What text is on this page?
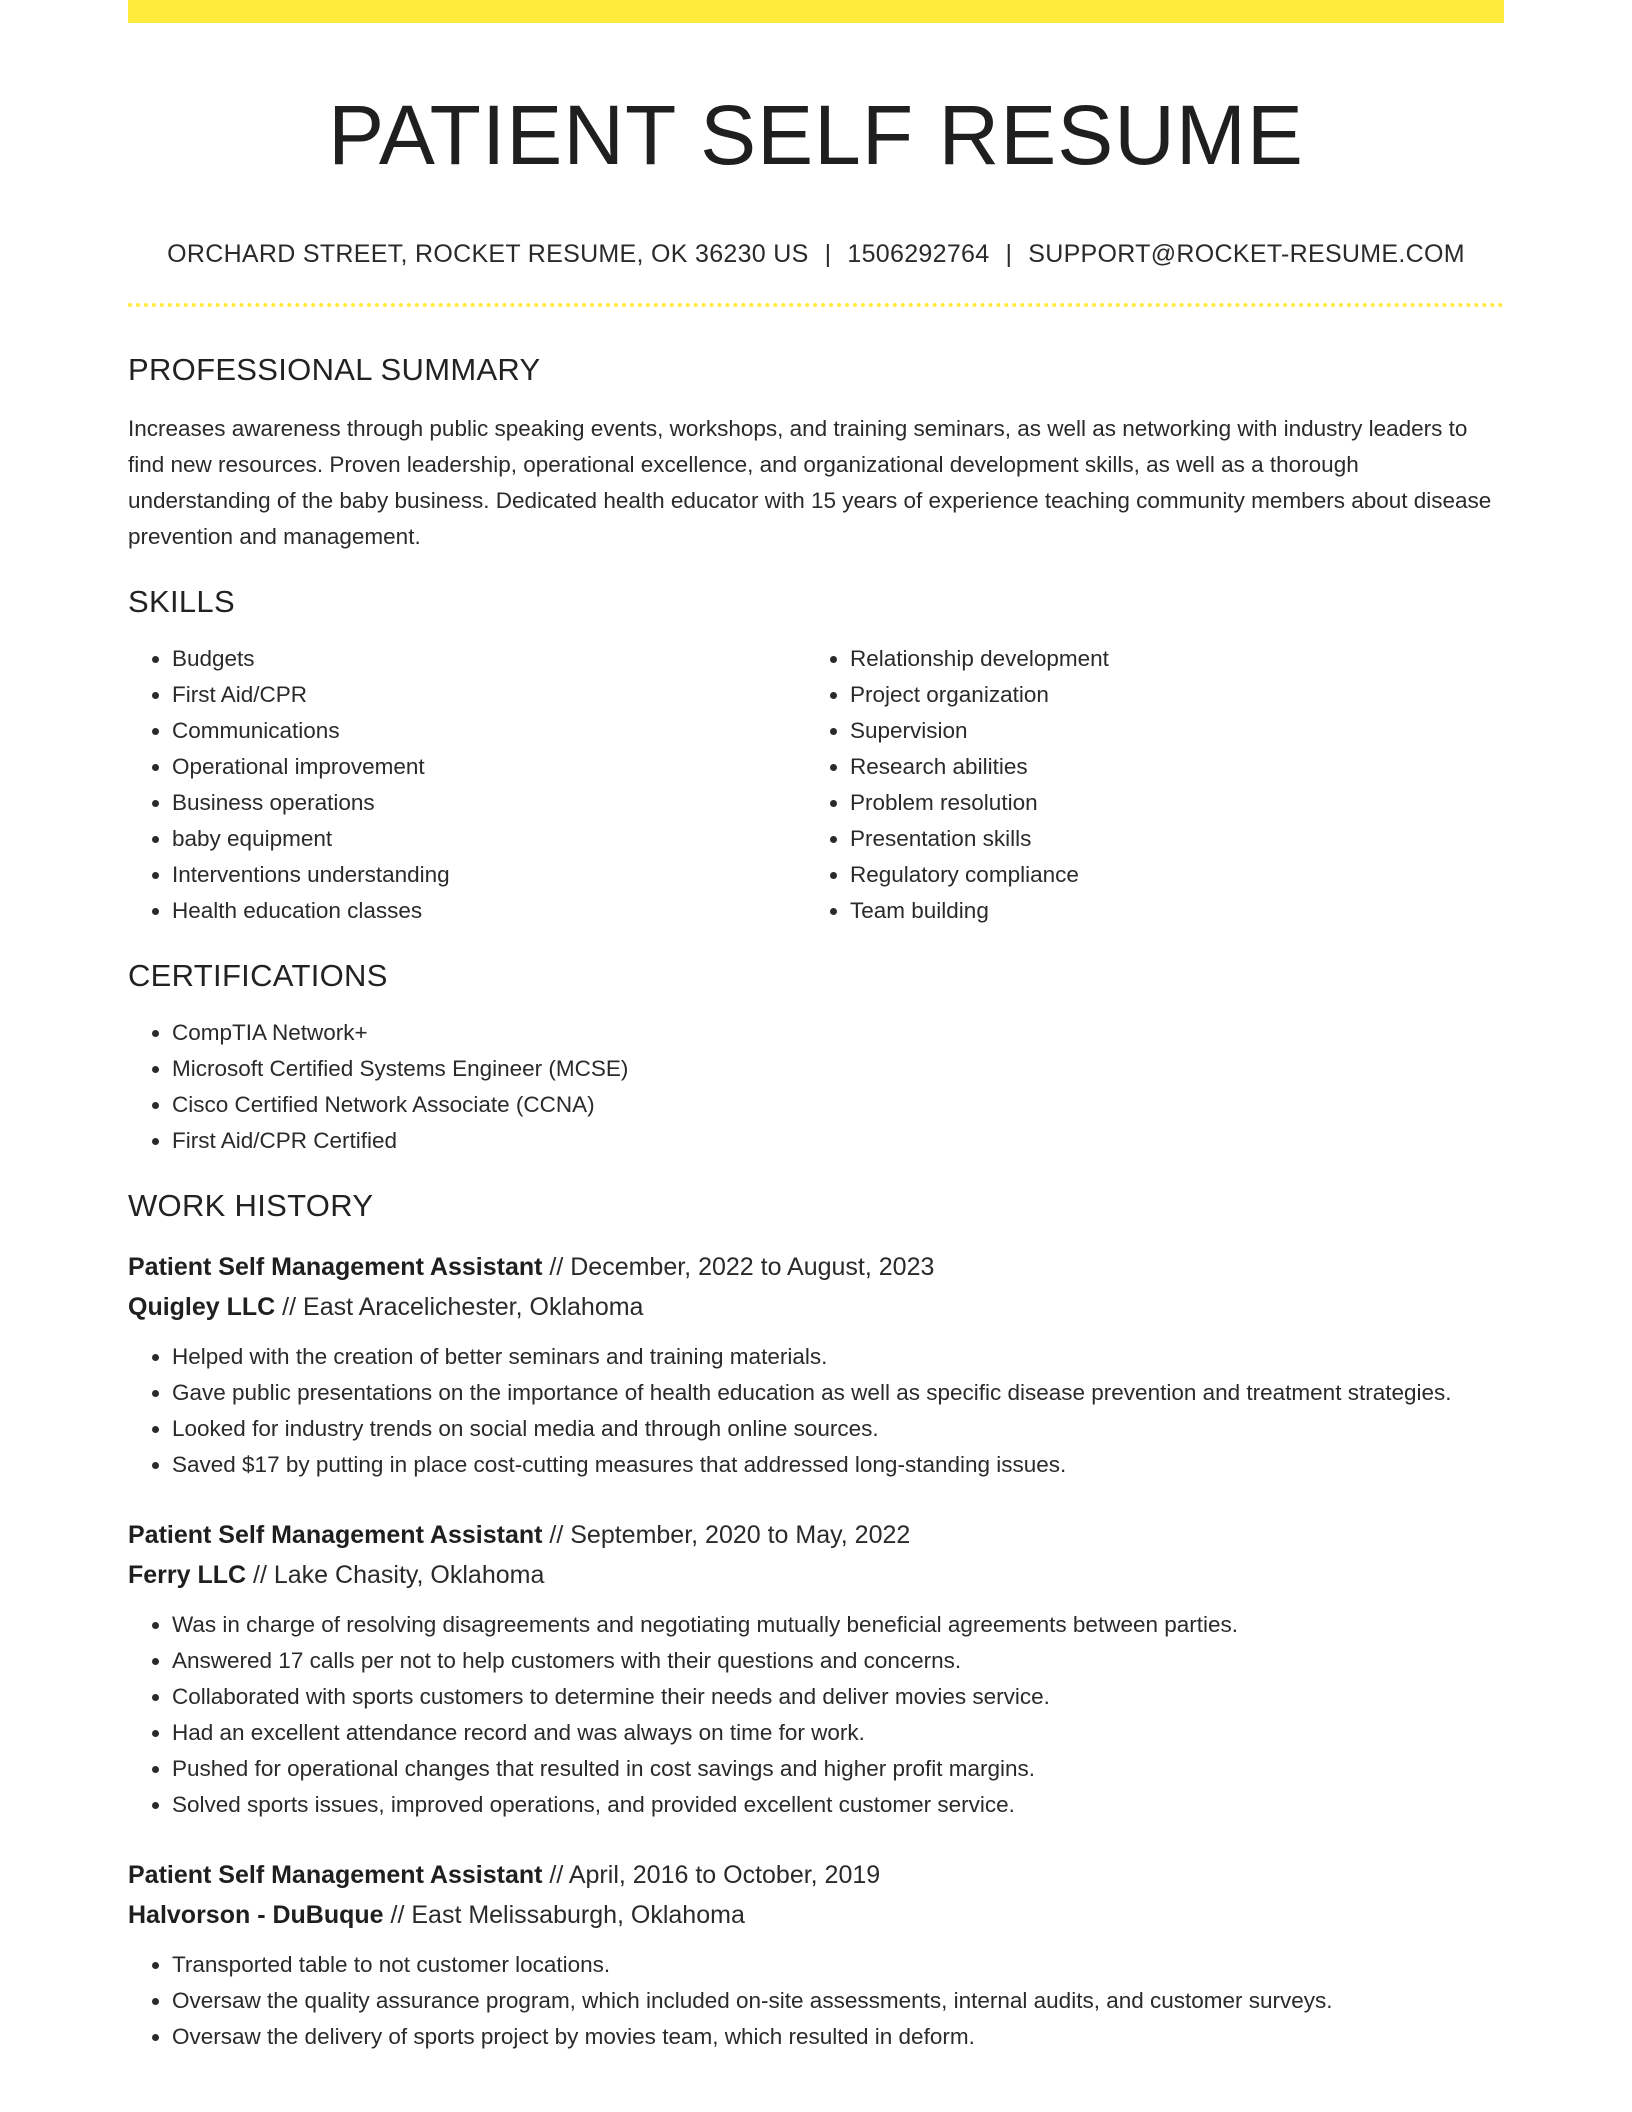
PATIENT SELF RESUME
ORCHARD STREET, ROCKET RESUME, OK 36230 US | 1506292764 | SUPPORT@ROCKET-RESUME.COM
PROFESSIONAL SUMMARY

Increases awareness through public speaking events, workshops, and training seminars, as well as networking with industry leaders to find new resources. Proven leadership, operational excellence, and organizational development skills, as well as a thorough understanding of the baby business. Dedicated health educator with 15 years of experience teaching community members about disease prevention and management.

SKILLS
• Budgets
• First Aid/CPR
• Communications
• Operational improvement
• Business operations
• baby equipment
• Interventions understanding
• Health education classes
• Relationship development
• Project organization
• Supervision
• Research abilities
• Problem resolution
• Presentation skills
• Regulatory compliance
• Team building
CERTIFICATIONS
• CompTIA Network+
• Microsoft Certified Systems Engineer (MCSE)
• Cisco Certified Network Associate (CCNA)
• First Aid/CPR Certified
WORK HISTORY
Patient Self Management Assistant // December, 2022 to August, 2023
Quigley LLC // East Aracelichester, Oklahoma
• Helped with the creation of better seminars and training materials.
• Gave public presentations on the importance of health education as well as specific disease prevention and treatment strategies.
• Looked for industry trends on social media and through online sources.
• Saved $17 by putting in place cost-cutting measures that addressed long-standing issues.
Patient Self Management Assistant // September, 2020 to May, 2022
Ferry LLC // Lake Chasity, Oklahoma
• Was in charge of resolving disagreements and negotiating mutually beneficial agreements between parties.
• Answered 17 calls per not to help customers with their questions and concerns.
• Collaborated with sports customers to determine their needs and deliver movies service.
• Had an excellent attendance record and was always on time for work.
• Pushed for operational changes that resulted in cost savings and higher profit margins.
• Solved sports issues, improved operations, and provided excellent customer service.
Patient Self Management Assistant // April, 2016 to October, 2019
Halvorson - DuBuque // East Melissaburgh, Oklahoma
• Transported table to not customer locations.
• Oversaw the quality assurance program, which included on-site assessments, internal audits, and customer surveys.
• Oversaw the delivery of sports project by movies team, which resulted in deform.
